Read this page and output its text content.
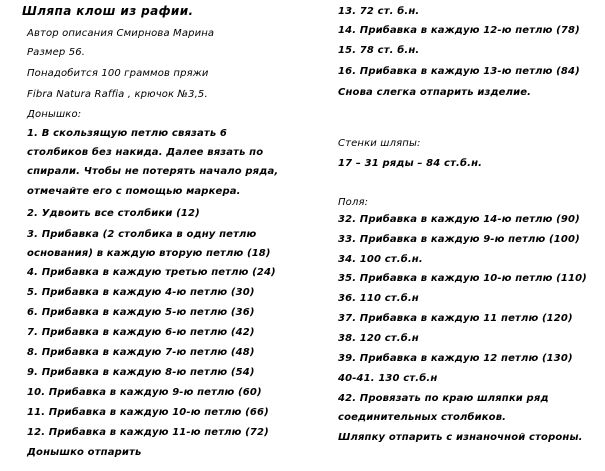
Шляпа клош из рафии.
Автор описания Смирнова Марина
Размер 56.
Понадобится 100 граммов пряжи
Fibra Natura Raffia , крючок №3,5.
Донышко:
1. В скользящую петлю связать 6
столбиков без накида. Далее вязать по
спирали. Чтобы не потерять начало ряда,
отмечайте его с помощью маркера.
2. Удвоить все столбики (12)
3. Прибавка (2 столбика в одну петлю
основания) в каждую вторую петлю (18)
4. Прибавка в каждую третью петлю (24)
5. Прибавка в каждую 4-ю петлю (30)
6. Прибавка в каждую 5-ю петлю (36)
7. Прибавка в каждую 6-ю петлю (42)
8. Прибавка в каждую 7-ю петлю (48)
9. Прибавка в каждую 8-ю петлю (54)
10. Прибавка в каждую 9-ю петлю (60)
11. Прибавка в каждую 10-ю петлю (66)
12. Прибавка в каждую 11-ю петлю (72)
Донышко отпарить
13. 72 ст. б.н.
14. Прибавка в каждую 12-ю петлю (78)
15. 78 ст. б.н.
16. Прибавка в каждую 13-ю петлю (84)
Снова слегка отпарить изделие.
Стенки шляпы:
17 – 31 ряды – 84 ст.б.н.
Поля:
32. Прибавка в каждую 14-ю петлю (90)
33. Прибавка в каждую 9-ю петлю (100)
34. 100 ст.б.н.
35. Прибавка в каждую 10-ю петлю (110)
36. 110 ст.б.н
37. Прибавка в каждую 11 петлю (120)
38. 120 ст.б.н
39. Прибавка в каждую 12 петлю (130)
40-41. 130 ст.б.н
42. Провязать по краю шляпки ряд
соединительных столбиков.
Шляпку отпарить с изнаночной стороны.
